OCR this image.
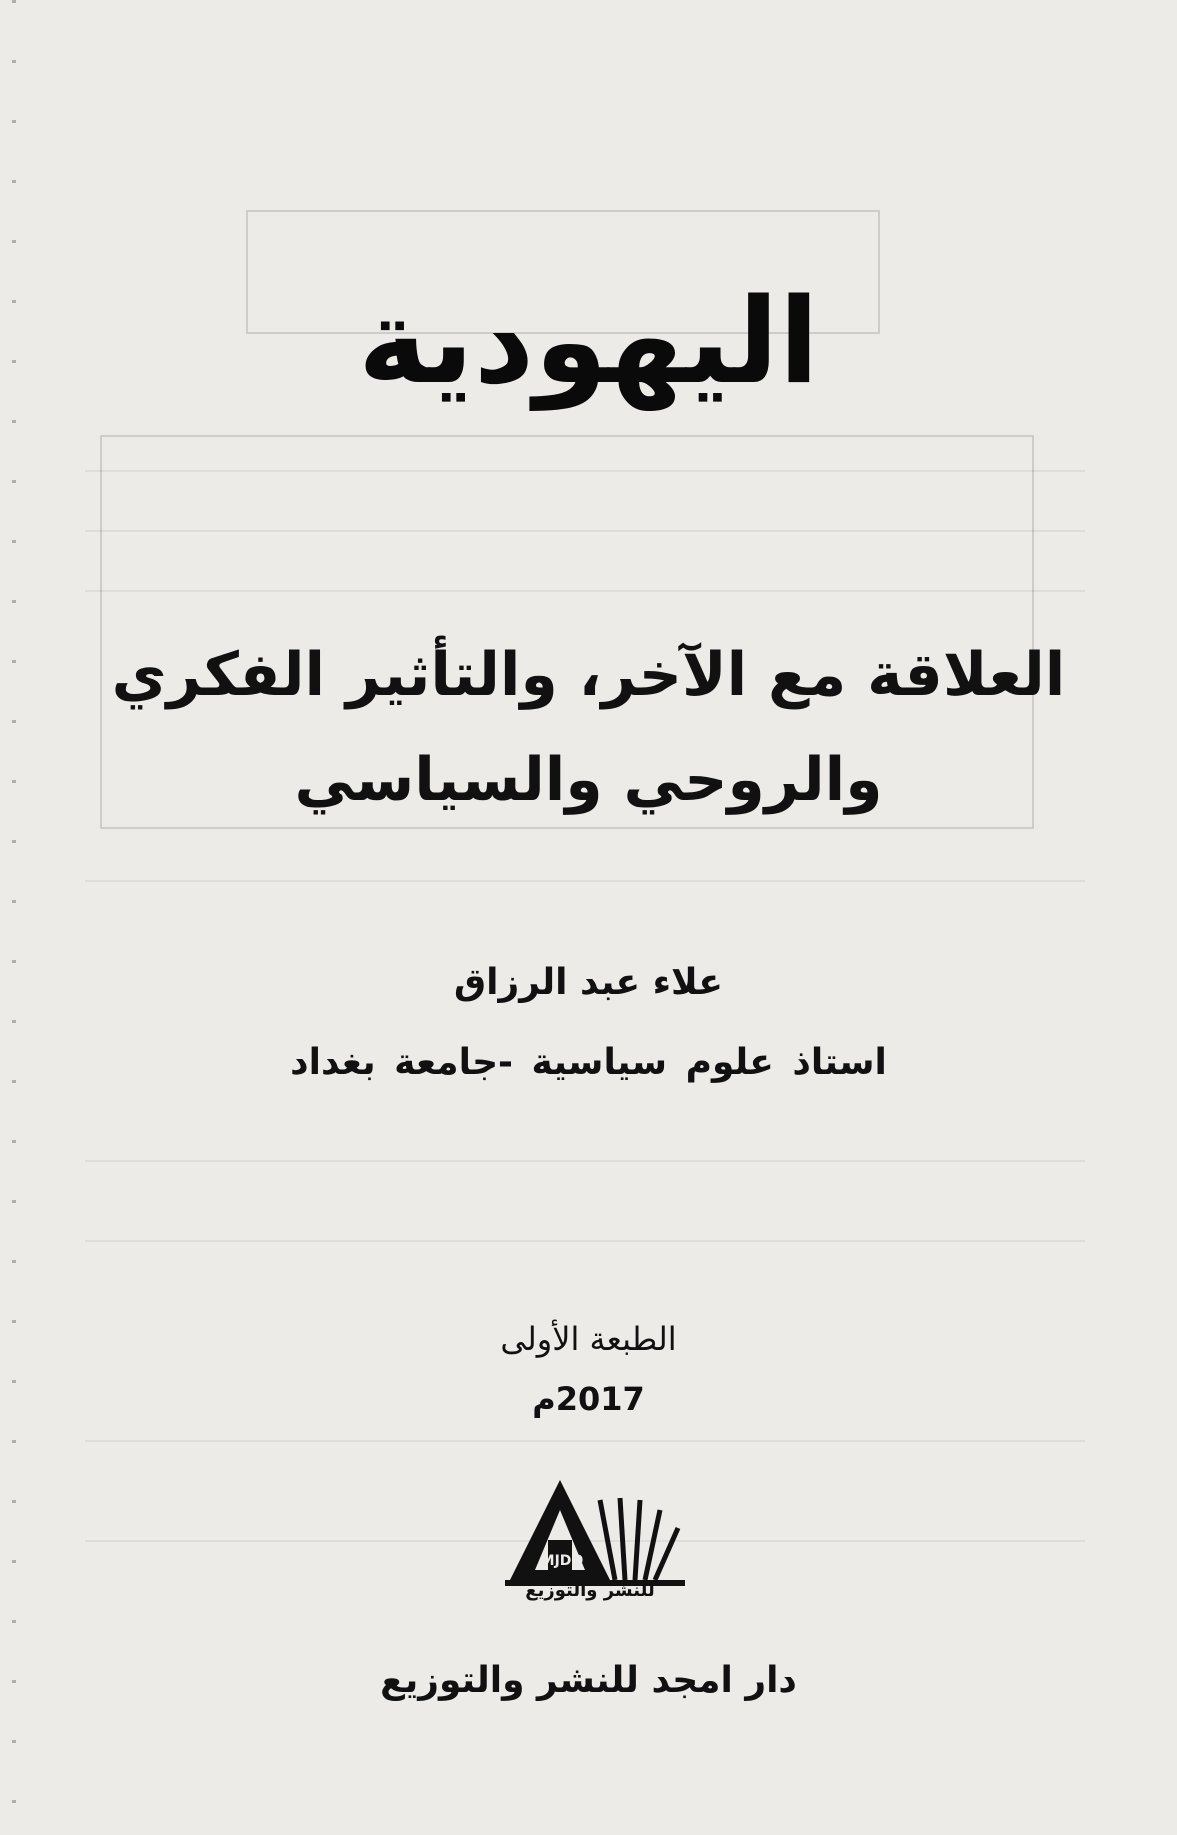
اليهودية
العلاقة مع الآخر، والتأثير الفكري
والروحي والسياسي
علاء عبد الرزاق
استاذ علوم سياسية -جامعة بغداد
الطبعة الأولى
2017م
MJDO
للنشر والتوزيع
دار امجد للنشر والتوزيع
